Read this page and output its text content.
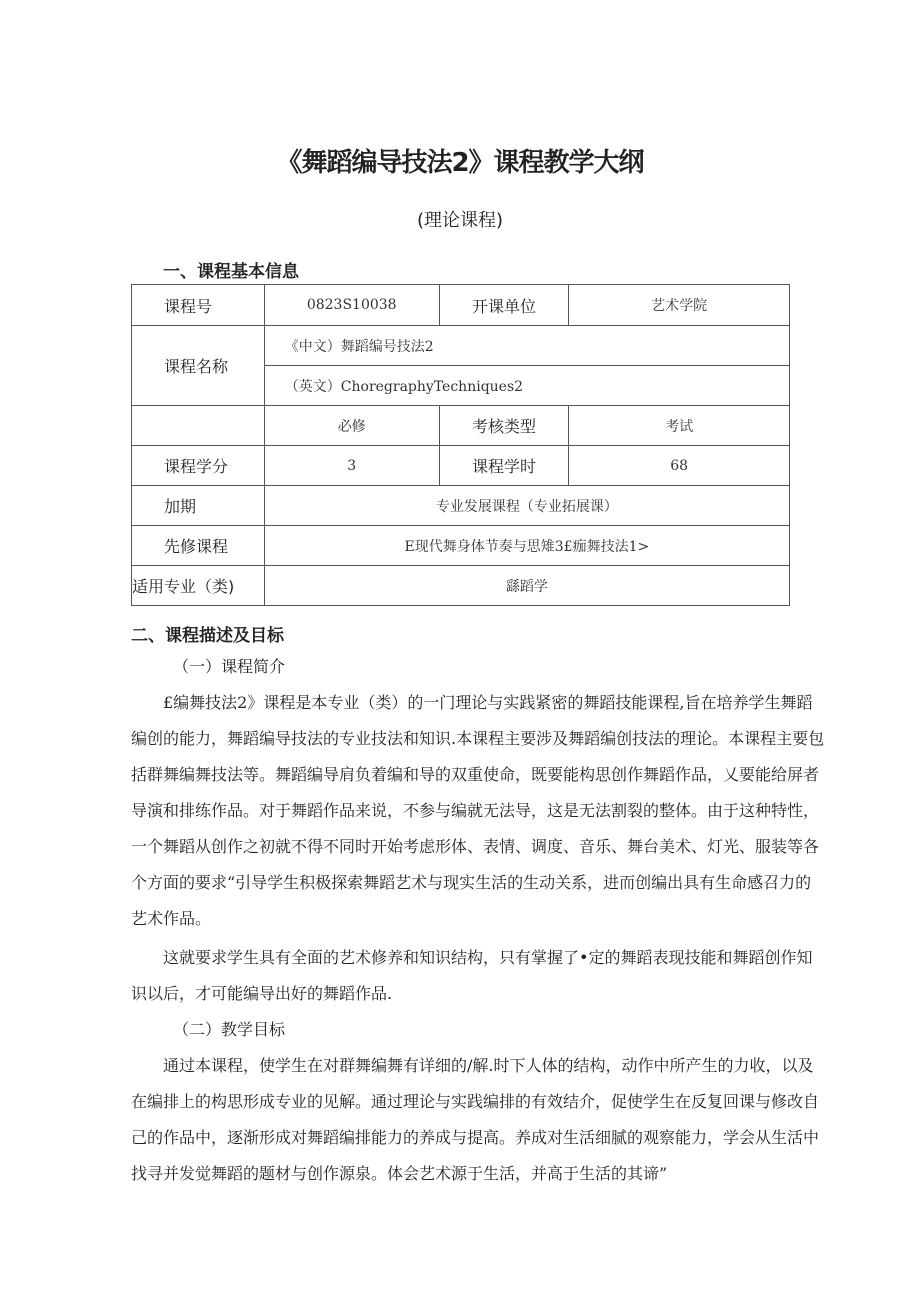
《舞蹈编导技法2》课程教学大纲
(理论课程)
一、课程基本信息
课程号	0823S10038	开课单位	艺术学院
课程名称	《中文）舞蹈编号技法2		
	（英文）ChoregraphyTechniques2		
	必修	考核类型	考试
课程学分	3	课程学时	68
加期	专业发展课程（专业拓展课）		
先修课程	E现代舞身体节奏与思雉3£痂舞技法1>		
适用专业（类)	繇蹈学		
二、课程描述及目标
（一）课程简介
£编舞技法2》课程是本专业（类）的一门理论与实践紧密的舞蹈技能课程,旨在培养学生舞蹈
编创的能力，舞蹈编导技法的专业技法和知识.本课程主要涉及舞蹈编创技法的理论。本课程主要包
括群舞编舞技法等。舞蹈编导肩负着编和导的双重使命，既要能构思创作舞蹈作品，乂要能给屏者
导演和排练作品。对于舞蹈作品来说，不参与编就无法导，这是无法割裂的整体。由于这种特性，
一个舞蹈从创作之初就不得不同时开始考虑形体、表情、调度、音乐、舞台美术、灯光、服装等各
个方面的要求“引导学生积极探索舞蹈艺术与现实生活的生动关系，进而创编出具有生命感召力的
艺术作品。
这就要求学生具有全面的艺术修养和知识结构，只有掌握了•定的舞蹈表现技能和舞蹈创作知
识以后，才可能编导出好的舞蹈作品.
（二）教学目标
通过本课程，使学生在对群舞编舞有详细的/解.时下人体的结构，动作中所产生的力收，以及
在编排上的构思形成专业的见解。通过理论与实践编排的有效结介，促使学生在反复回课与修改自
己的作品中，逐渐形成对舞蹈编排能力的养成与提高。养成对生活细腻的观察能力，学会从生活中
找寻并发觉舞蹈的题材与创作源泉。体会艺术源于生活，并高于生活的其谛”
